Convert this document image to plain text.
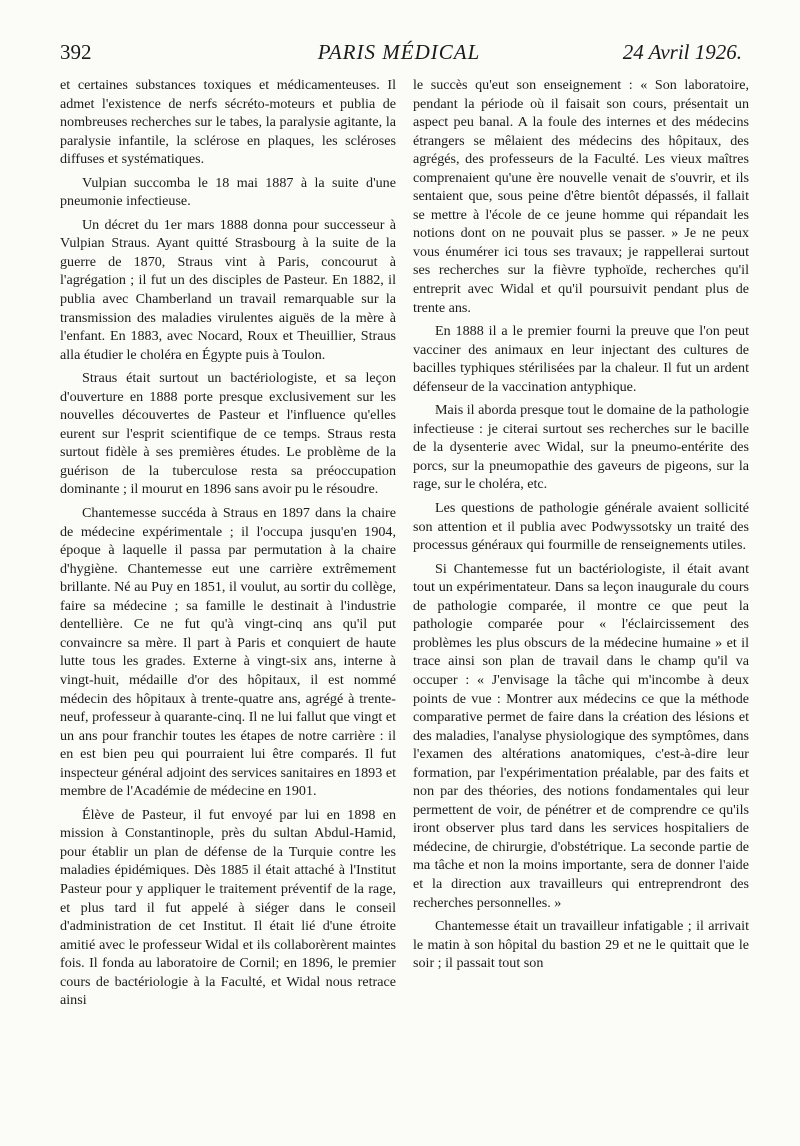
392	PARIS MÉDICAL	24 Avril 1926.

et certaines substances toxiques et médicamenteuses. Il admet l'existence de nerfs sécréto-moteurs et publia de nombreuses recherches sur le tabes, la paralysie agitante, la paralysie infantile, la sclérose en plaques, les scléroses diffuses et systématiques.

Vulpian succomba le 18 mai 1887 à la suite d'une pneumonie infectieuse.

Un décret du 1er mars 1888 donna pour successeur à Vulpian Straus. Ayant quitté Strasbourg à la suite de la guerre de 1870, Straus vint à Paris, concourut à l'agrégation ; il fut un des disciples de Pasteur. En 1882, il publia avec Chamberland un travail remarquable sur la transmission des maladies virulentes aiguës de la mère à l'enfant. En 1883, avec Nocard, Roux et Theuillier, Straus alla étudier le choléra en Égypte puis à Toulon.

Straus était surtout un bactériologiste, et sa leçon d'ouverture en 1888 porte presque exclusivement sur les nouvelles découvertes de Pasteur et l'influence qu'elles eurent sur l'esprit scientifique de ce temps. Straus resta surtout fidèle à ses premières études. Le problème de la guérison de la tuberculose resta sa préoccupation dominante ; il mourut en 1896 sans avoir pu le résoudre.

Chantemesse succéda à Straus en 1897 dans la chaire de médecine expérimentale ; il l'occupa jusqu'en 1904, époque à laquelle il passa par permutation à la chaire d'hygiène. Chantemesse eut une carrière extrêmement brillante. Né au Puy en 1851, il voulut, au sortir du collège, faire sa médecine ; sa famille le destinait à l'industrie dentellière. Ce ne fut qu'à vingt-cinq ans qu'il put convaincre sa mère. Il part à Paris et conquiert de haute lutte tous les grades. Externe à vingt-six ans, interne à vingt-huit, médaille d'or des hôpitaux, il est nommé médecin des hôpitaux à trente-quatre ans, agrégé à trente-neuf, professeur à quarante-cinq. Il ne lui fallut que vingt et un ans pour franchir toutes les étapes de notre carrière : il en est bien peu qui pourraient lui être comparés. Il fut inspecteur général adjoint des services sanitaires en 1893 et membre de l'Académie de médecine en 1901.

Élève de Pasteur, il fut envoyé par lui en 1898 en mission à Constantinople, près du sultan Abdul-Hamid, pour établir un plan de défense de la Turquie contre les maladies épidémiques. Dès 1885 il était attaché à l'Institut Pasteur pour y appliquer le traitement préventif de la rage, et plus tard il fut appelé à siéger dans le conseil d'administration de cet Institut. Il était lié d'une étroite amitié avec le professeur Widal et ils collaborèrent maintes fois. Il fonda au laboratoire de Cornil; en 1896, le premier cours de bactériologie à la Faculté, et Widal nous retrace ainsi

le succès qu'eut son enseignement : « Son laboratoire, pendant la période où il faisait son cours, présentait un aspect peu banal. A la foule des internes et des médecins étrangers se mêlaient des médecins des hôpitaux, des agrégés, des professeurs de la Faculté. Les vieux maîtres comprenaient qu'une ère nouvelle venait de s'ouvrir, et ils sentaient que, sous peine d'être bientôt dépassés, il fallait se mettre à l'école de ce jeune homme qui répandait les notions dont on ne pouvait plus se passer. » Je ne peux vous énumérer ici tous ses travaux; je rappellerai surtout ses recherches sur la fièvre typhoïde, recherches qu'il entreprit avec Widal et qu'il poursuivit pendant plus de trente ans.

En 1888 il a le premier fourni la preuve que l'on peut vacciner des animaux en leur injectant des cultures de bacilles typhiques stérilisées par la chaleur. Il fut un ardent défenseur de la vaccination antyphique.

Mais il aborda presque tout le domaine de la pathologie infectieuse : je citerai surtout ses recherches sur le bacille de la dysenterie avec Widal, sur la pneumo-entérite des porcs, sur la pneumopathie des gaveurs de pigeons, sur la rage, sur le choléra, etc.

Les questions de pathologie générale avaient sollicité son attention et il publia avec Podwyssotsky un traité des processus généraux qui fourmille de renseignements utiles.

Si Chantemesse fut un bactériologiste, il était avant tout un expérimentateur. Dans sa leçon inaugurale du cours de pathologie comparée, il montre ce que peut la pathologie comparée pour « l'éclaircissement des problèmes les plus obscurs de la médecine humaine » et il trace ainsi son plan de travail dans le champ qu'il va occuper : « J'envisage la tâche qui m'incombe à deux points de vue : Montrer aux médecins ce que la méthode comparative permet de faire dans la création des lésions et des maladies, l'analyse physiologique des symptômes, dans l'examen des altérations anatomiques, c'est-à-dire leur formation, par l'expérimentation préalable, par des faits et non par des théories, des notions fondamentales qui leur permettent de voir, de pénétrer et de comprendre ce qu'ils iront observer plus tard dans les services hospitaliers de médecine, de chirurgie, d'obstétrique. La seconde partie de ma tâche et non la moins importante, sera de donner l'aide et la direction aux travailleurs qui entreprendront des recherches personnelles. »

Chantemesse était un travailleur infatigable ; il arrivait le matin à son hôpital du bastion 29 et ne le quittait que le soir ; il passait tout son
